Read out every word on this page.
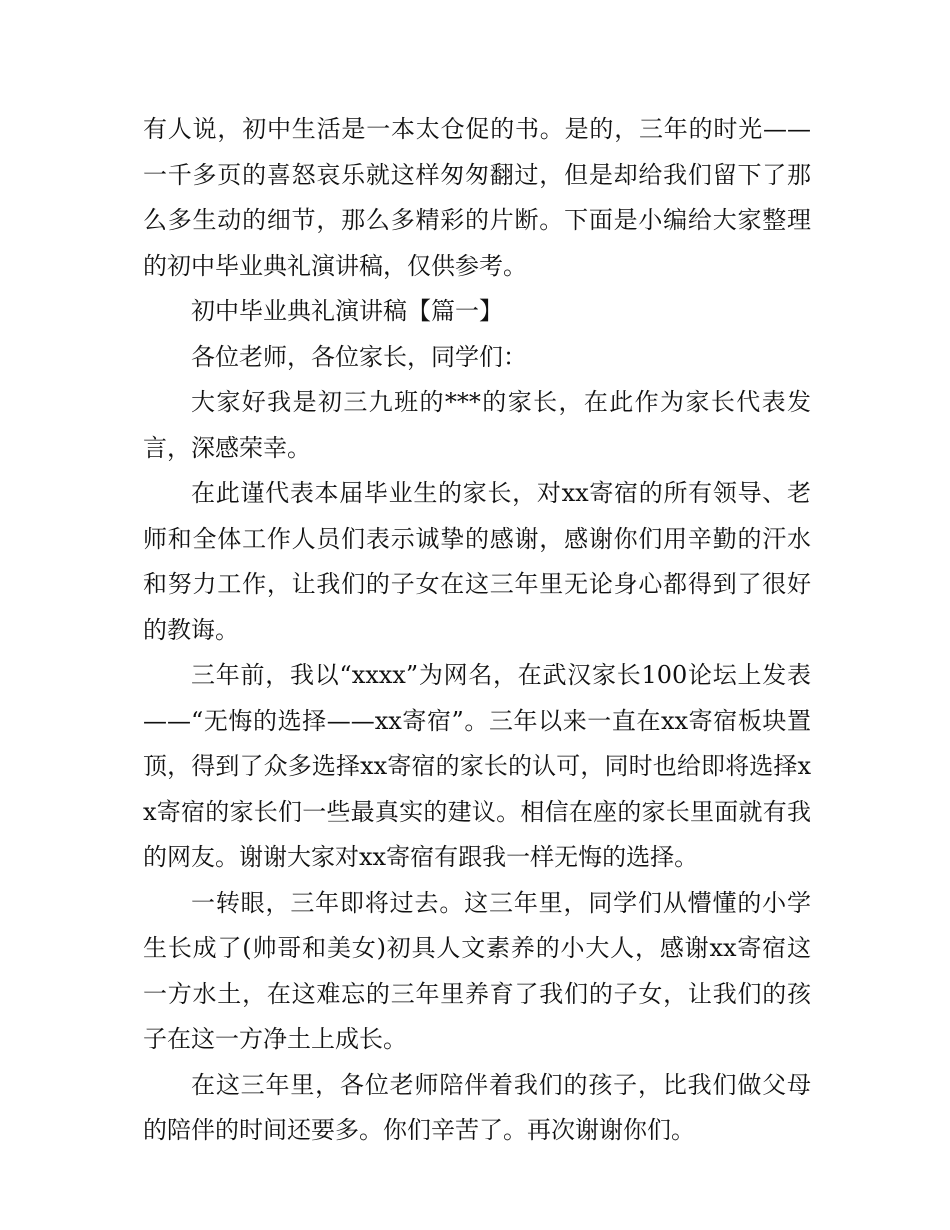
有人说，初中生活是一本太仓促的书。是的，三年的时光——一千多页的喜怒哀乐就这样匆匆翻过，但是却给我们留下了那么多生动的细节，那么多精彩的片断。下面是小编给大家整理的初中毕业典礼演讲稿，仅供参考。

初中毕业典礼演讲稿【篇一】

各位老师，各位家长，同学们：

大家好我是初三九班的***的家长，在此作为家长代表发言，深感荣幸。

在此谨代表本届毕业生的家长，对xx寄宿的所有领导、老师和全体工作人员们表示诚挚的感谢，感谢你们用辛勤的汗水和努力工作，让我们的子女在这三年里无论身心都得到了很好的教诲。

三年前，我以“xxxx”为网名，在武汉家长100论坛上发表——“无悔的选择——xx寄宿”。三年以来一直在xx寄宿板块置顶，得到了众多选择xx寄宿的家长的认可，同时也给即将选择xx寄宿的家长们一些最真实的建议。相信在座的家长里面就有我的网友。谢谢大家对xx寄宿有跟我一样无悔的选择。

一转眼，三年即将过去。这三年里，同学们从懵懂的小学生长成了(帅哥和美女)初具人文素养的小大人，感谢xx寄宿这一方水土，在这难忘的三年里养育了我们的子女，让我们的孩子在这一方净土上成长。

在这三年里，各位老师陪伴着我们的孩子，比我们做父母的陪伴的时间还要多。你们辛苦了。再次谢谢你们。
